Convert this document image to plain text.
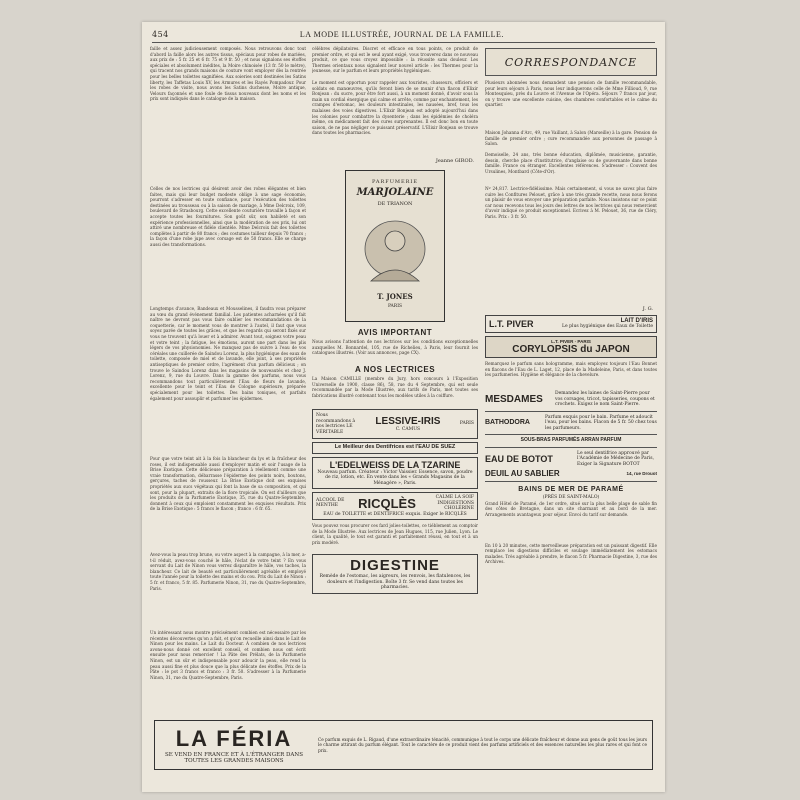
454	LA MODE ILLUSTRÉE, JOURNAL DE LA FAMILLE.
faille et assez judicieusement composés. Nous retrouvons donc tout d'abord la faille alors les autres tissus, spéciaux pour robes de mariées, aux prix de : 5 fr. 25 et 6 fr. 75 et 9 fr. 50 ; et nous signalons ses étoffes spéciales et absolument inédites, la Moire chinoisée (13 fr. 50 le mètre), qui tracent nos grands maisons de couture vont employer dès la rentrée pour les belles toilettes sagnifiées. Aux soieries sont destinées les Satins liberty, les Taffetas Louis XV, les Armures et les Rayés Pompadour. Pour les robes de visite, nous avons les Satins duchesse, Moire antique, Velours façonnés et une foule de tissus nouveaux dont les noms et les prix sont indiqués dans le catalogue de la maison.
Celles de nos lectrices qui désirent avoir des robes élégantes et bien faites, mais qui leur budget modeste oblige à une sage économie, pourront s'adresser en toute confiance, pour l'exécution des toilettes destinées au trousseau ou à la saison de mariage, à Mme Delcroix, 109, boulevard de Strasbourg. Cette excellente couturière travaille à façon et accepte toutes les fournitures. Son goût sûr, son habileté et son expérience professionnelles, ainsi que la modération de ses prix, lui ont attiré une nombreuse et fidèle clientèle. Mme Delcroix fait des toilettes complètes à partir de 80 francs ; des costumes tailleur depuis 70 francs ; la façon d'une robe jupe avec corsage est de 50 francs. Elle se charge aussi des transformations.
Longtemps d'avance, Bandeaux et Mousselines, il faudra vous préparer au vœu du grand événement familial. Les patientes acharnées qu'il fait naître ne devront pas vous faire oublier les recommandations de la coquetterie, car le moment vous de montrer à l'autel, il faut que vous soyez parée de toutes les grâces, et que les regards qui seront fixés sur vous ne trouvent qu'à louer et à admirer. Avant tout, soignez votre peau et votre teint ; la fatigue, les émotions, auront une part dans les plis légers de vos physionomies. Ne manquez pas de suivre à l'eau de vos céréales une cuillerée de Saindou Lorenz, la plus hygiénique des eaux de toilette, composée de miel et de lavande, elle joint, à ses propriétés antiseptiques de premier ordre, l'agrément d'un parfum délicieux ; on trouve le Saindou Lorenz dans les magasins de nouveautés et chez J. Lorenz, 9, rue du Louvre. Dans la gamme des parfums, nous vous recommandons tout particulièrement l'Eau de fleurs de lavande, excellente pour le teint et l'Eau de Cologne supérieure, préparée spécialement pour les toilettes. Des bains toniques, et parfaits également pour assouplir et parfumer les épidermes.
Pour que votre teint ait à la fois la blancheur du lys et la fraîcheur des roses, il est indispensable aussi d'employer matin et soir l'usage de la Brise Exotique. Cette délicieuse préparation à réellement comme une vraie transformation, débarrasse l'épiderme des points noirs, boutons, gerçures, taches de rousseur. La Brise Exotique doit ses exquises propriétés aux sucs végétaux qui font la base de sa composition, et qui sont, pour la plupart, extraits de la flore tropicale. On est d'ailleurs que les produits de la Parfumerie Exotique, 35, rue du Quatre-Septembre, donnent à ceux qui emploient constamment les exquises résultats. Prix de la Brise Exotique : 5 francs le flacon ; franco : 6 fr. 65.
Avez-vous la peau trop brune, ou votre aspect à la campagne, à la mer, a-t-il réduit, avez-vous couché le hâle, l'éclat de votre teint ? En vous servant du Lait de Ninon vous verrez disparaître le hâle, vos taches, la blancheur. Ce lait de beauté est particulièrement agréable et employé toute l'année pour la toilette des mains et du cou. Prix du Lait de Ninon : 5 fr. et franco, 5 fr. 85. Parfumerie Ninon, 31, rue du Quatre-Septembre, Paris.
Un intéressant nous montre précisément combien est nécessaire par les récentes découvertes qu'on a fait, et qu'on recueille ainsi dans le Lait de Ninon pour les mains. Le Lait du Docteur. À combien de nos lectrices avons-nous donné cet excellent conseil, et combien nous ont écrit ensuite pour nous remercier ! La Pâte des Prélats, de la Parfumerie Ninon, est un sûr et indispensable pour adoucir la peau, elle rend la peau aussi fine et plus douce que la plus délicate des étoffes. Prix de la Pâte : le pot 3 francs et franco : 3 fr. 50. S'adresser à la Parfumerie Ninon, 31, rue du Quatre-Septembre, Paris.
célèbres dépilatoires. Discret et efficace en tous points, ce produit de premier ordre, et qui est le seul ayant exigé, vous trouverez dans ce nouveau produit, ce que vous croyez impossible : la réussite sans douleur. Les Thermes orientaux nous signalent leur nouvel article : les Thermes pour la jeunesse, sur le parfum et leurs propriétés hygiéniques.
Le moment est opportun pour rappeler aux touristes, chasseurs, officiers et soldats en manœuvres, qu'ils feront bien de se munir d'un flacon d'Elixir Bonjean : du sucre, pour être fort aussi, à un moment donné, d'avoir sous la main un cordial énergique qui calme et arrête, comme par enchantement, les crampes d'estomac, les douleurs intestinales, les nausées, bref, tous les malaises des voies digestives. L'Elixir Bonjean est adopté aujourd'hui dans les colonies pour combattre la dysenterie ; dans les épidémies de choléra même, on médicament fait des cures surprenantes. Il est donc bon en toute saison, de ne pas négliger ce puissant préservatif. L'Elixir Bonjean se trouve dans toutes les pharmacies.
Jeanne GIROD.
PARFUMERIE
MARJOLAINE
DE TRIANON
T. JONES
PARIS
AVIS IMPORTANT
Nous avisons l'attention de nos lectrices sur les conditions exceptionnelles auxquelles M. Bonnardel, 105, rue de Richelieu, à Paris, leur fournit les catalogues illustrés. (Voir aux annonces, page CX).
A NOS LECTRICES
La Maison CAMILLE (membre du Jury, hors concours à l'Exposition Universelle de 1900, classe 86), 58, rue du 4 Septembre, qui est seule recommandée par la Mode Illustrée, aux tarifs de Paris, met toutes ses fabrications illustré contenant tous les modèles utiles à la coiffure.
Nous recommandons à nos lectrices LE VÉRITABLE
LESSIVE-IRIS
C. CAMUS
PARIS
Le Meilleur des Dentifrices est l'EAU DE SUEZ
L'EDELWEISS DE LA TZARINE
Nouveau parfum. Créateur : Victor Vaissier. Essence, savon, poudre de riz, lotion, etc. En vente dans les « Grands Magasins de la Ménagère », Paris.
ALCOOL DE
MENTHE	RICQLÈS	CALME LA SOIF
INDIGESTIONS CHOLÉRINE
EAU de TOILETTE et DENTIFRICE exquis. Exiger le RICQLÈS
Vous pouvez vous procurer ces fard jolies-toilettes, ce tiéblement au comptoir de la Mode Illustrée. Aux lectrices de Jean Hugues, 115, rue Julien, Lyon. Le client, la qualité, le tout est garanti et parfaitement réussi, en tout et à un prix modéré.
DIGESTINE
Remède de l'estomac, les aigreurs, les renvois, les flatulences, les douleurs et l'indigestion. Boîte 3 fr. Se vend dans toutes les pharmacies.
CORRESPONDANCE
Plusieurs abonnées nous demandent une pension de famille recommandable, pour leurs séjours à Paris, nous leur indiquerons celle de Mme Fillioud, 9, rue Montesquieu, près du Louvre et l'Avenue de l'Opéra. Séjours 7 francs par jour, on y trouve une excellente cuisine, des chambres confortables et le calme du quartier.
Maison Johanna d'Arc, 49, rue Vaillant, à Salon (Marseille) à la gare. Pension de famille de premier ordre ; cure recommandée aux personnes de passage à Salon.
Demoiselle, 24 ans, très bonne éducation, diplômée, musicienne, garantie, dessin, cherche place d'institutrice, d'anglaise ou de gouvernante dans bonne famille. France ou étranger. Excellentes références. S'adresser : Couvent des Ursulines, Montbard (Côte-d'Or).
Nº 24,817. Lectrice-fidèlissime. Mais certainement, si vous ne savez plus faire cuire les Confitures Pelouet, grâce à une très grande recette, nous nous ferons un plaisir de vous envoyer une préparation parfaite. Nous insistons sur ce point car nous recevons tous les jours des lettres de nos lectrices qui nous remercient d'avoir indiqué ce produit exceptionnel. Ecrivez à M. Pelouet, 36, rue de Cléry, Paris. Prix : 3 fr. 50.
J. G.
L.T. PIVER	LAIT D'IRIS
Le plus hygiénique des Eaux de Toilette
L.T. PIVER · PARIS
CORYLOPSIS du JAPON
Remarquez le parfum sans hologramme, mais employez toujours l'Eau Bonnet en flacons de l'Eau de L. Laget, 12, place de la Madeleine, Paris, et dans toutes les parfumeries. Hygiène et élégance de la chevelure.
MESDAMES
Demandez les laines de Saint-Pierre pour vos corsages, tricot, tapisseries, coupons et crochets. Exigez le nom Saint-Pierre.
BATHODORA
Parfum exquis pour le bain. Parfume et adoucit l'eau, pour les bains. Flacon de 5 fr. 50 chez tous les parfumeurs.
SOUS-BRAS PARFUMÉS ARRAN PARFUM
EAU DE BOTOT
Le seul dentifrice approuvé par l'Académie de Médecine de Paris, Exiger la Signature BOTOT
DEUIL AU SABLIER	14, rue Drouot
BAINS DE MER DE PARAMÉ
(PRÈS DE SAINT-MALO)
Grand Hôtel de Paramé, de 1er ordre, situé sur la plus belle plage de sable fin des côtes de Bretagne, dans un site charmant et au bord de la mer. Arrangements avantageux pour séjour. Envoi du tarif sur demande.
En 10 à 20 minutes, cette merveilleuse préparation est un puissant digestif. Elle remplace les digestions difficiles et soulage immédiatement les estomacs malades. Très agréable à prendre, le flacon 5 fr. Pharmacie Digestine, 3, rue des Archives.
LA FÉRIA
SE VEND EN FRANCE ET À L'ÉTRANGER DANS TOUTES LES GRANDES MAISONS
Ce parfum exquis de L. Rigaud, d'une extraordinaire ténacité, communique à tout le corps une délicate fraîcheur et donne aux gens de goût tous les jours le charme attirant du parfum élégant. Tout le caractère de ce produit vient des parfums artificiels et des essences naturelles les plus rares et qui font ce prix.
